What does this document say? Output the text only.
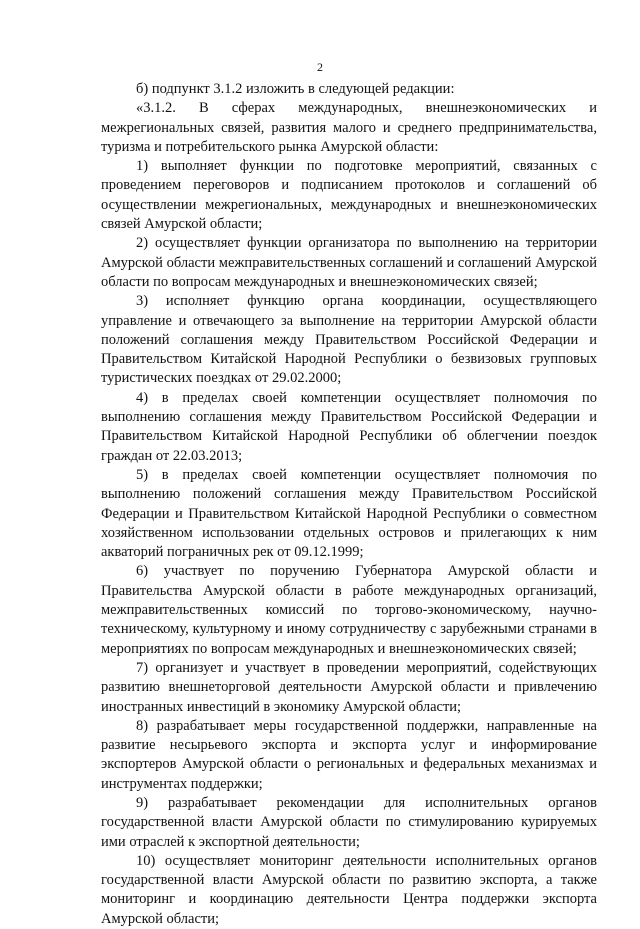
2

б) подпункт 3.1.2 изложить в следующей редакции:

«3.1.2. В сферах международных, внешнеэкономических и межрегиональных связей, развития малого и среднего предпринимательства, туризма и потребительского рынка Амурской области:

1) выполняет функции по подготовке мероприятий, связанных с проведением переговоров и подписанием протоколов и соглашений об осуществлении межрегиональных, международных и внешнеэкономических связей Амурской области;

2) осуществляет функции организатора по выполнению на территории Амурской области межправительственных соглашений и соглашений Амурской области по вопросам международных и внешнеэкономических связей;

3) исполняет функцию органа координации, осуществляющего управление и отвечающего за выполнение на территории Амурской области положений соглашения между Правительством Российской Федерации и Правительством Китайской Народной Республики о безвизовых групповых туристических поездках от 29.02.2000;

4) в пределах своей компетенции осуществляет полномочия по выполнению соглашения между Правительством Российской Федерации и Правительством Китайской Народной Республики об облегчении поездок граждан от 22.03.2013;

5) в пределах своей компетенции осуществляет полномочия по выполнению положений соглашения между Правительством Российской Федерации и Правительством Китайской Народной Республики о совместном хозяйственном использовании отдельных островов и прилегающих к ним акваторий пограничных рек от 09.12.1999;

6) участвует по поручению Губернатора Амурской области и Правительства Амурской области в работе международных организаций, межправительственных комиссий по торгово-экономическому, научно-техническому, культурному и иному сотрудничеству с зарубежными странами в мероприятиях по вопросам международных и внешнеэкономических связей;

7) организует и участвует в проведении мероприятий, содействующих развитию внешнеторговой деятельности Амурской области и привлечению иностранных инвестиций в экономику Амурской области;

8) разрабатывает меры государственной поддержки, направленные на развитие несырьевого экспорта и экспорта услуг и информирование экспортеров Амурской области о региональных и федеральных механизмах и инструментах поддержки;

9) разрабатывает рекомендации для исполнительных органов государственной власти Амурской области по стимулированию курируемых ими отраслей к экспортной деятельности;

10) осуществляет мониторинг деятельности исполнительных органов государственной власти Амурской области по развитию экспорта, а также мониторинг и координацию деятельности Центра поддержки экспорта Амурской области;
